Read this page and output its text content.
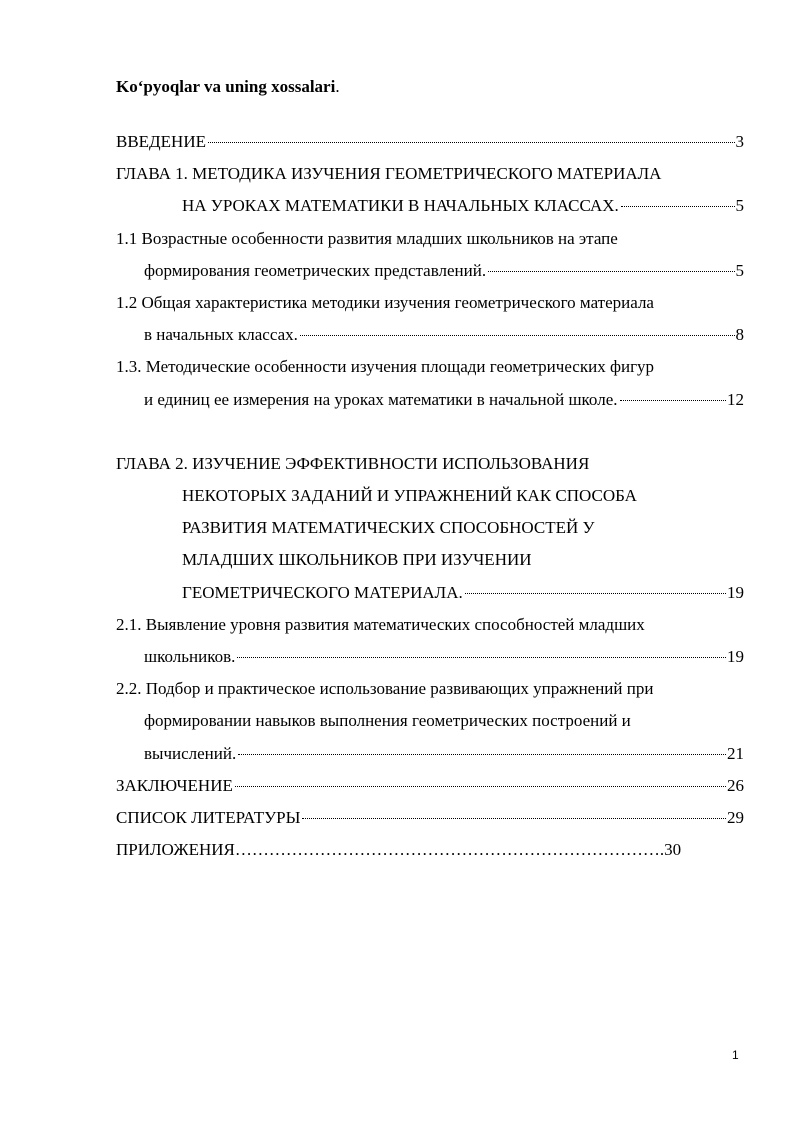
Ko‘pyoqlar va uning xossalari.
ВВЕДЕНИЕ	3
ГЛАВА 1. МЕТОДИКА ИЗУЧЕНИЯ ГЕОМЕТРИЧЕСКОГО МАТЕРИАЛА
НА УРОКАХ МАТЕМАТИКИ В НАЧАЛЬНЫХ КЛАССАХ.	5
1.1 Возрастные особенности развития младших школьников на этапе
формирования геометрических представлений.	5
1.2 Общая характеристика методики изучения геометрического материала
в начальных классах.	8
1.3. Методические особенности изучения площади геометрических фигур
и единиц ее измерения на уроках математики в начальной школе.	12
ГЛАВА 2. ИЗУЧЕНИЕ ЭФФЕКТИВНОСТИ ИСПОЛЬЗОВАНИЯ
НЕКОТОРЫХ ЗАДАНИЙ И УПРАЖНЕНИЙ КАК СПОСОБА
РАЗВИТИЯ МАТЕМАТИЧЕСКИХ СПОСОБНОСТЕЙ У
МЛАДШИХ ШКОЛЬНИКОВ ПРИ ИЗУЧЕНИИ
ГЕОМЕТРИЧЕСКОГО МАТЕРИАЛА.	19
2.1. Выявление уровня развития математических способностей младших
школьников.	19
2.2. Подбор и практическое использование развивающих упражнений при
формировании навыков выполнения геометрических построений и
вычислений.	21
ЗАКЛЮЧЕНИЕ	26
СПИСОК ЛИТЕРАТУРЫ	29
ПРИЛОЖЕНИЯ………………………………………………………………….30
1
